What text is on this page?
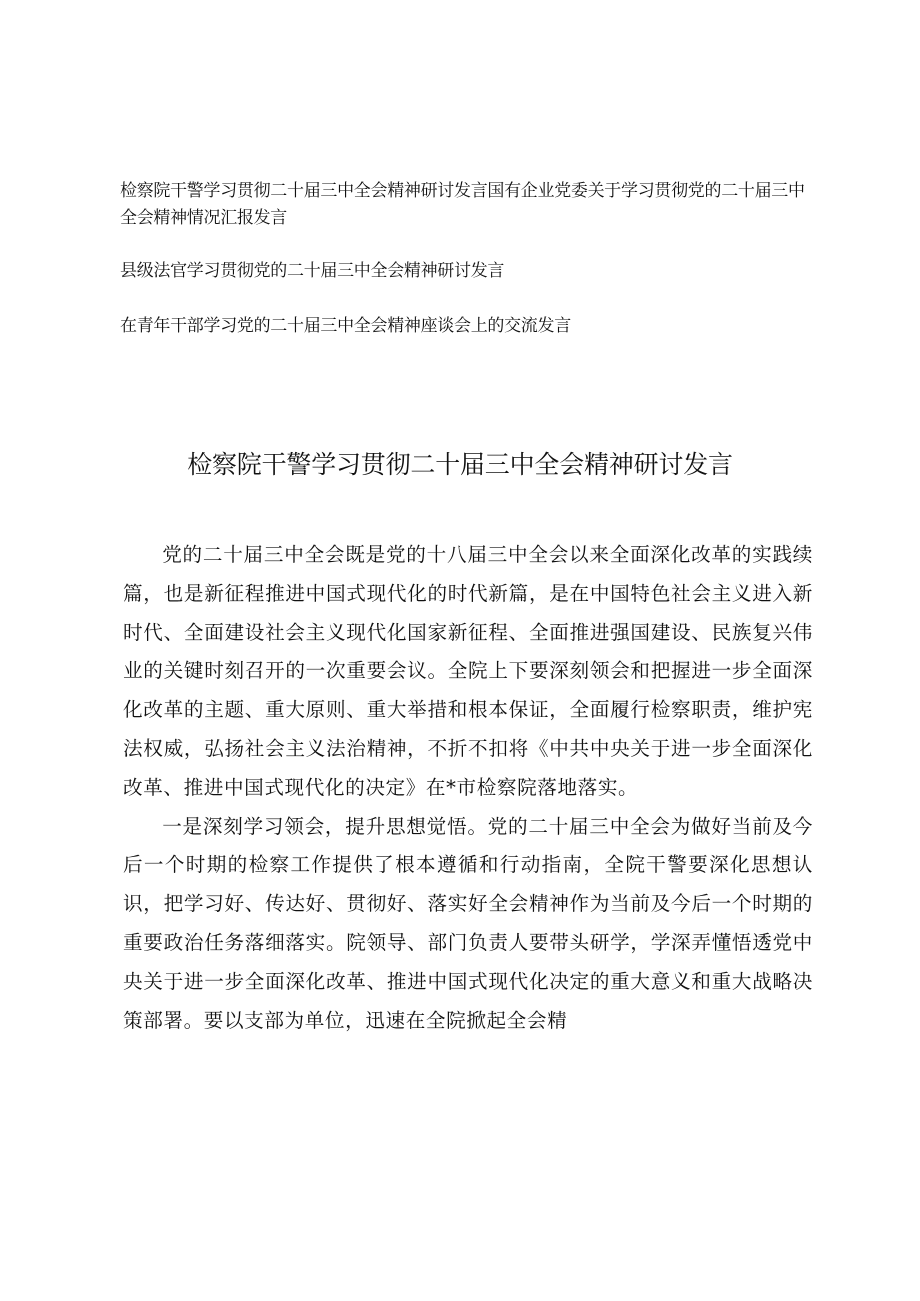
检察院干警学习贯彻二十届三中全会精神研讨发言国有企业党委关于学习贯彻党的二十届三中全会精神情况汇报发言
县级法官学习贯彻党的二十届三中全会精神研讨发言
在青年干部学习党的二十届三中全会精神座谈会上的交流发言
检察院干警学习贯彻二十届三中全会精神研讨发言

党的二十届三中全会既是党的十八届三中全会以来全面深化改革的实践续篇，也是新征程推进中国式现代化的时代新篇，是在中国特色社会主义进入新时代、全面建设社会主义现代化国家新征程、全面推进强国建设、民族复兴伟业的关键时刻召开的一次重要会议。全院上下要深刻领会和把握进一步全面深化改革的主题、重大原则、重大举措和根本保证，全面履行检察职责，维护宪法权威，弘扬社会主义法治精神，不折不扣将《中共中央关于进一步全面深化改革、推进中国式现代化的决定》在*市检察院落地落实。

一是深刻学习领会，提升思想觉悟。党的二十届三中全会为做好当前及今后一个时期的检察工作提供了根本遵循和行动指南，全院干警要深化思想认识，把学习好、传达好、贯彻好、落实好全会精神作为当前及今后一个时期的重要政治任务落细落实。院领导、部门负责人要带头研学，学深弄懂悟透党中央关于进一步全面深化改革、推进中国式现代化决定的重大意义和重大战略决策部署。要以支部为单位，迅速在全院掀起全会精
